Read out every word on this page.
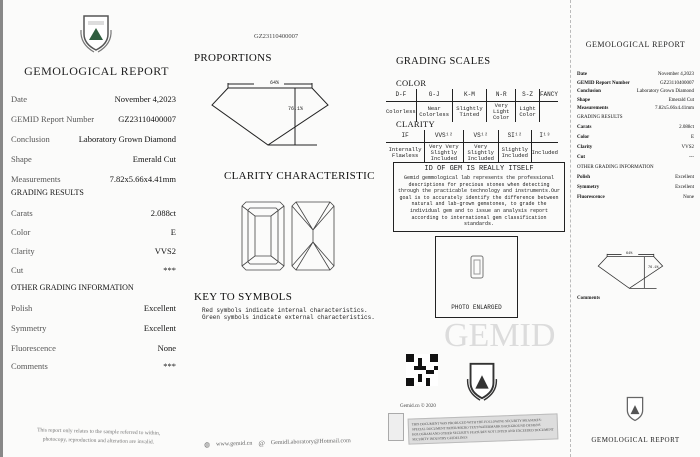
GEMOLOGICAL REPORT
Date	November 4,2023
GEMID Report Number	GZ23110400007
Conclusion	Laboratory Grown Diamond
Shape	Emerald Cut
Measurements	7.82x5.66x4.41mm
GRADING RESULTS
Carats	2.088ct
Color	E
Clarity	VVS2
Cut	***
OTHER GRADING INFORMATION
Polish	Excellent
Symmetry	Excellent
Fluorescence	None
Comments	***
This report only relates to the sample referred to within,
photocopy, reproduction and alteration are invalid.
GZ23110400007
PROPORTIONS
64%
76.1%
CLARITY CHARACTERISTIC
KEY TO SYMBOLS
Red symbols indicate internal characteristics.
Green symbols indicate external characteristics.
◍ www.gemid.cn @ GemidLaboratory@Hotmail.com
GRADING SCALES
COLOR
D-F	G-J	K-M	N-R	S-Z	FANCY
Colorless	Near Colorless	Slightly Tinted	Very Light Color	Light Color	
CLARITY
IF	VVS¹²	VS¹²	SI¹²	I¹³
Internally Flawless	Very Very Slightly Included	Very Slightly Included	Slightly Included	Included
ID OF GEM IS REALLY ITSELF
Gemid gemmological lab represents the professional descriptions for precious stones when detecting through the practicable technology and instruments.Our goal is to accurately identify the difference between natural and lab-grown gemstones, to grade the individual gem and to issue an analysis report according to international gem classification standards.
PHOTO ENLARGED
GEMID
Gemid.cn © 2020
THIS DOCUMENT WAS PRODUCED WITH THE FOLLOWING SECURITY MEASURES: SPECIAL DOCUMENT PAPER/MICRO TEXT/WATERMARK BACKGROUND DESIGNS HOLOGRAM AND OTHER SECURITY FEATURES NOT LISTED AND EXCEEDED DOCUMENT SECURITY INDUSTRY GUIDELINES
GEMOLOGICAL REPORT
Date	November 4,2023
GEMID Report Number	GZ23110400007
Conclusion	Laboratory Grown Diamond
Shape	Emerald Cut
Measurements	7.82x5.66x4.41mm
GRADING RESULTS
Carats	2.088ct
Color	E
Clarity	VVS2
Cut	---
OTHER GRADING INFORMATION
Polish	Excellent
Symmetry	Excellent
Fluorescence	None
64%
76.1%
Comments
GEMOLOGICAL REPORT
